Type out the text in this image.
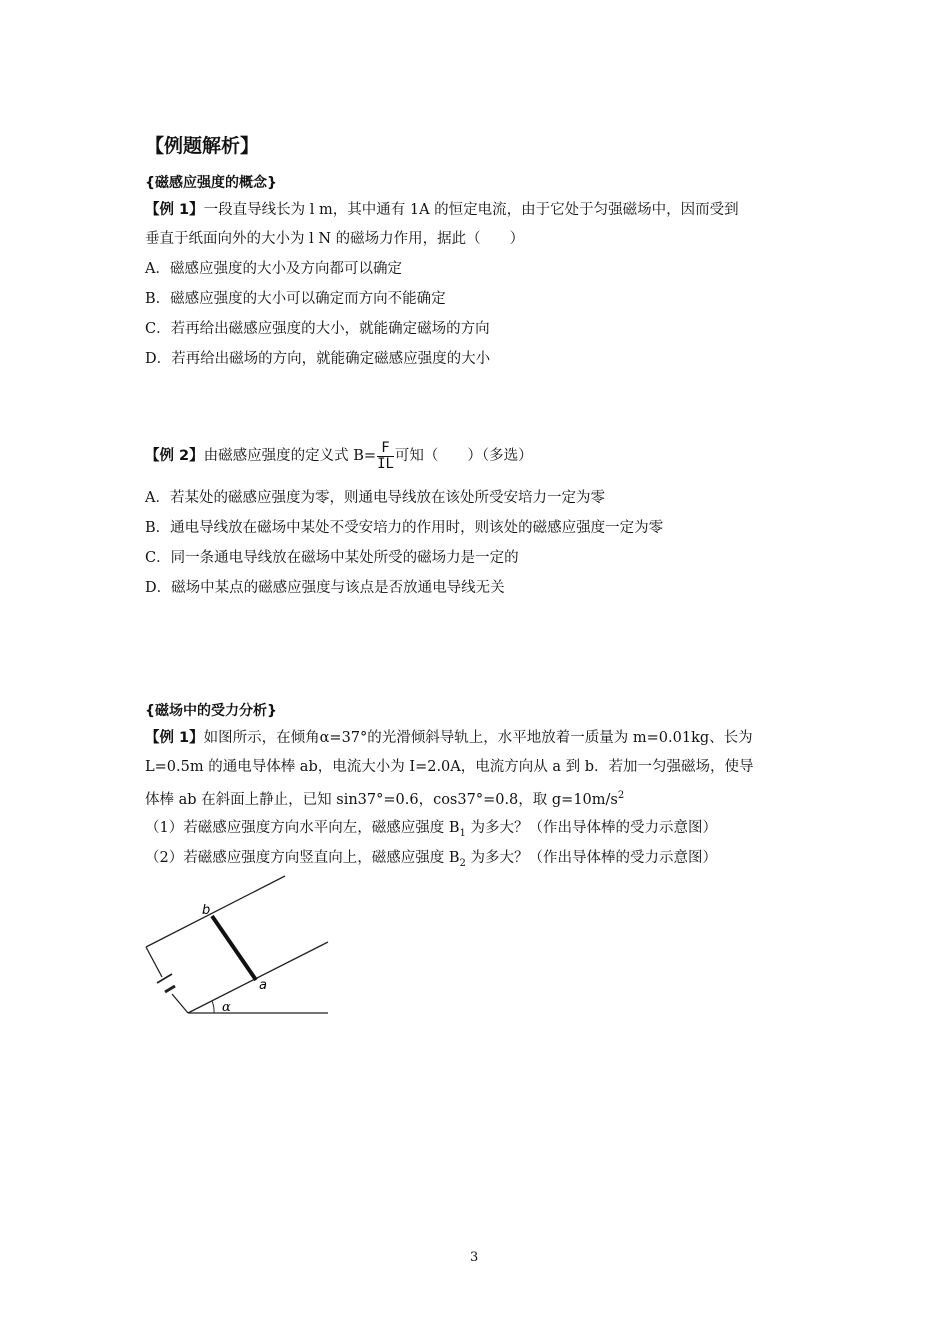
【例题解析】
{磁感应强度的概念}
【例 1】一段直导线长为 l m，其中通有 1A 的恒定电流，由于它处于匀强磁场中，因而受到
垂直于纸面向外的大小为 l N 的磁场力作用，据此（　　）
A．磁感应强度的大小及方向都可以确定
B．磁感应强度的大小可以确定而方向不能确定
C．若再给出磁感应强度的大小，就能确定磁场的方向
D．若再给出磁场的方向，就能确定磁感应强度的大小
【例 2】由磁感应强度的定义式 $B= \frac{F}{IL}$ 可知（　　）（多选）
A．若某处的磁感应强度为零，则通电导线放在该处所受安培力一定为零
B．通电导线放在磁场中某处不受安培力的作用时，则该处的磁感应强度一定为零
C．同一条通电导线放在磁场中某处所受的磁场力是一定的
D．磁场中某点的磁感应强度与该点是否放通电导线无关
{磁场中的受力分析}
【例 1】如图所示，在倾角α=37°的光滑倾斜导轨上，水平地放着一质量为 m=0.01kg、长为
L=0.5m 的通电导体棒 ab，电流大小为 I=2.0A，电流方向从 a 到 b．若加一匀强磁场，使导
体棒 ab 在斜面上静止，已知 sin37°=0.6，cos37°=0.8，取 $g=10m/s^2$
（1）若磁感应强度方向水平向左，磁感应强度 $B_1$ 为多大？（作出导体棒的受力示意图）
（2）若磁感应强度方向竖直向上，磁感应强度 $B_2$ 为多大？（作出导体棒的受力示意图）
b
a
α
3
